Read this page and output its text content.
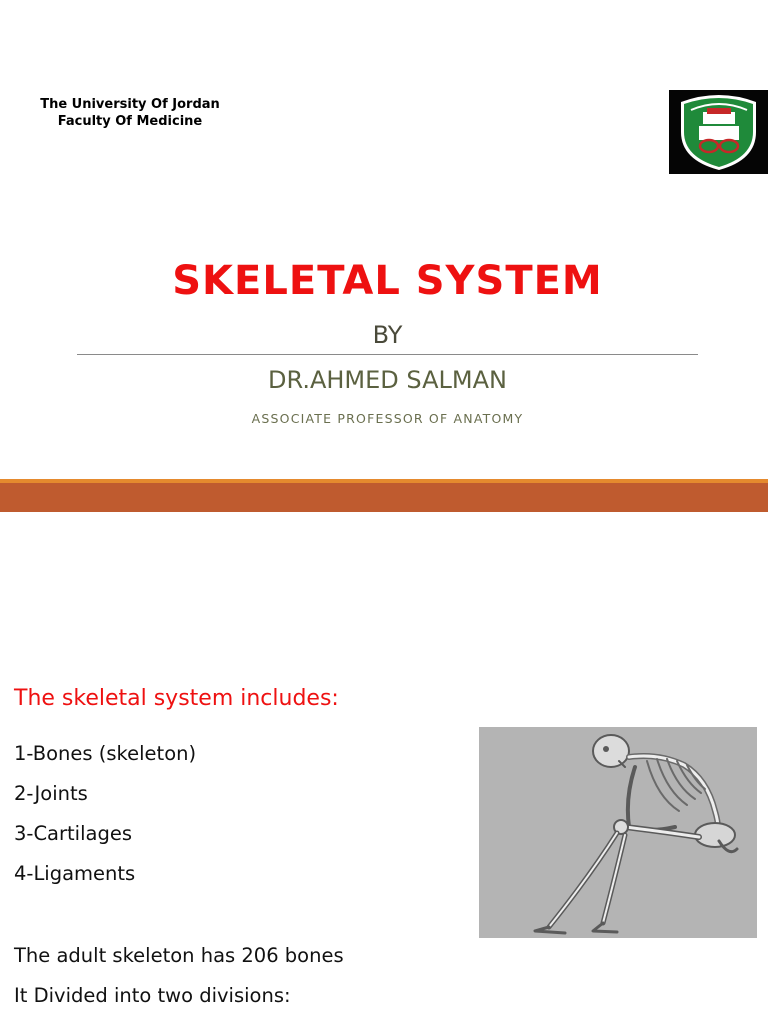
The University Of Jordan
Faculty Of Medicine
SKELETAL SYSTEM
BY
DR.AHMED SALMAN
ASSOCIATE PROFESSOR OF ANATOMY
The skeletal system includes:
1-Bones (skeleton)
2-Joints
3-Cartilages
4-Ligaments
The adult skeleton has 206 bones
It Divided into two divisions:
